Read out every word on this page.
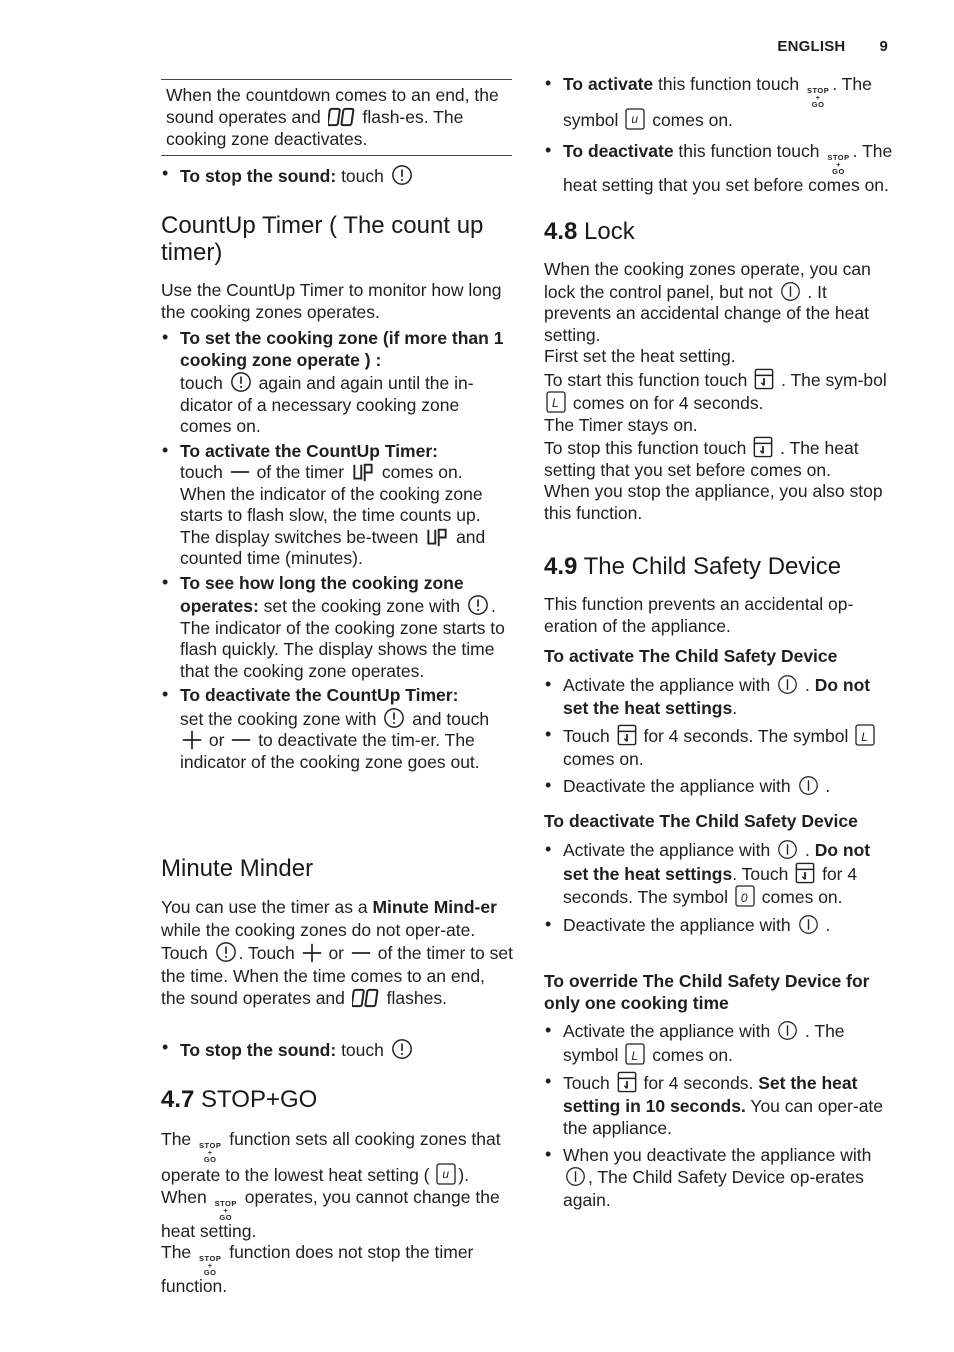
ENGLISH 9
When the countdown comes to an end, the sound operates and flash-es. The cooking zone deactivates.
• To stop the sound: touch
CountUp Timer ( The count up timer)

Use the CountUp Timer to monitor how long the cooking zones operates.

• To set the cooking zone (if more than 1 cooking zone operate ) :
touch again and again until the in-dicator of a necessary cooking zone comes on.
• To activate the CountUp Timer:
touch of the timer comes on. When the indicator of the cooking zone starts to flash slow, the time counts up. The display switches be-tween and counted time (minutes).
• To see how long the cooking zone operates: set the cooking zone with . The indicator of the cooking zone starts to flash quickly. The display shows the time that the cooking zone operates.
• To deactivate the CountUp Timer:
set the cooking zone with and touch
or to deactivate the tim-er. The indicator of the cooking zone goes out.
Minute Minder

You can use the timer as a Minute Mind-er while the cooking zones do not oper-ate. Touch . Touch or of the timer to set the time. When the time comes to an end, the sound operates and flashes.

• To stop the sound: touch
4.7 STOP+GO

The STOP
+
GO
function sets all cooking zones that operate to the lowest heat setting ( u ).

When STOP
+
GO
operates, you cannot change the heat setting.

The STOP
+
GO
function does not stop the timer function.

• To activate this function touch STOP
+
GO
. The symbol u comes on.
• To deactivate this function touch STOP
+
GO
. The heat setting that you set before comes on.
4.8 Lock

When the cooking zones operate, you can lock the control panel, but not . It prevents an accidental change of the heat setting.

First set the heat setting.

To start this function touch . The sym-bol
L comes on for 4 seconds.

The Timer stays on.

To stop this function touch . The heat setting that you set before comes on.

When you stop the appliance, you also stop this function.

4.9 The Child Safety Device

This function prevents an accidental op-eration of the appliance.

To activate The Child Safety Device

• Activate the appliance with . Do not set the heat settings.
• Touch for 4 seconds. The symbol L
comes on.
• Deactivate the appliance with .

To deactivate The Child Safety Device

• Activate the appliance with . Do not set the heat settings. Touch for 4 seconds. The symbol 0 comes on.
• Deactivate the appliance with .

To override The Child Safety Device for only one cooking time

• Activate the appliance with . The symbol L comes on.
• Touch for 4 seconds. Set the heat setting in 10 seconds. You can oper-ate the appliance.
• When you deactivate the appliance with
, The Child Safety Device op-erates again.
